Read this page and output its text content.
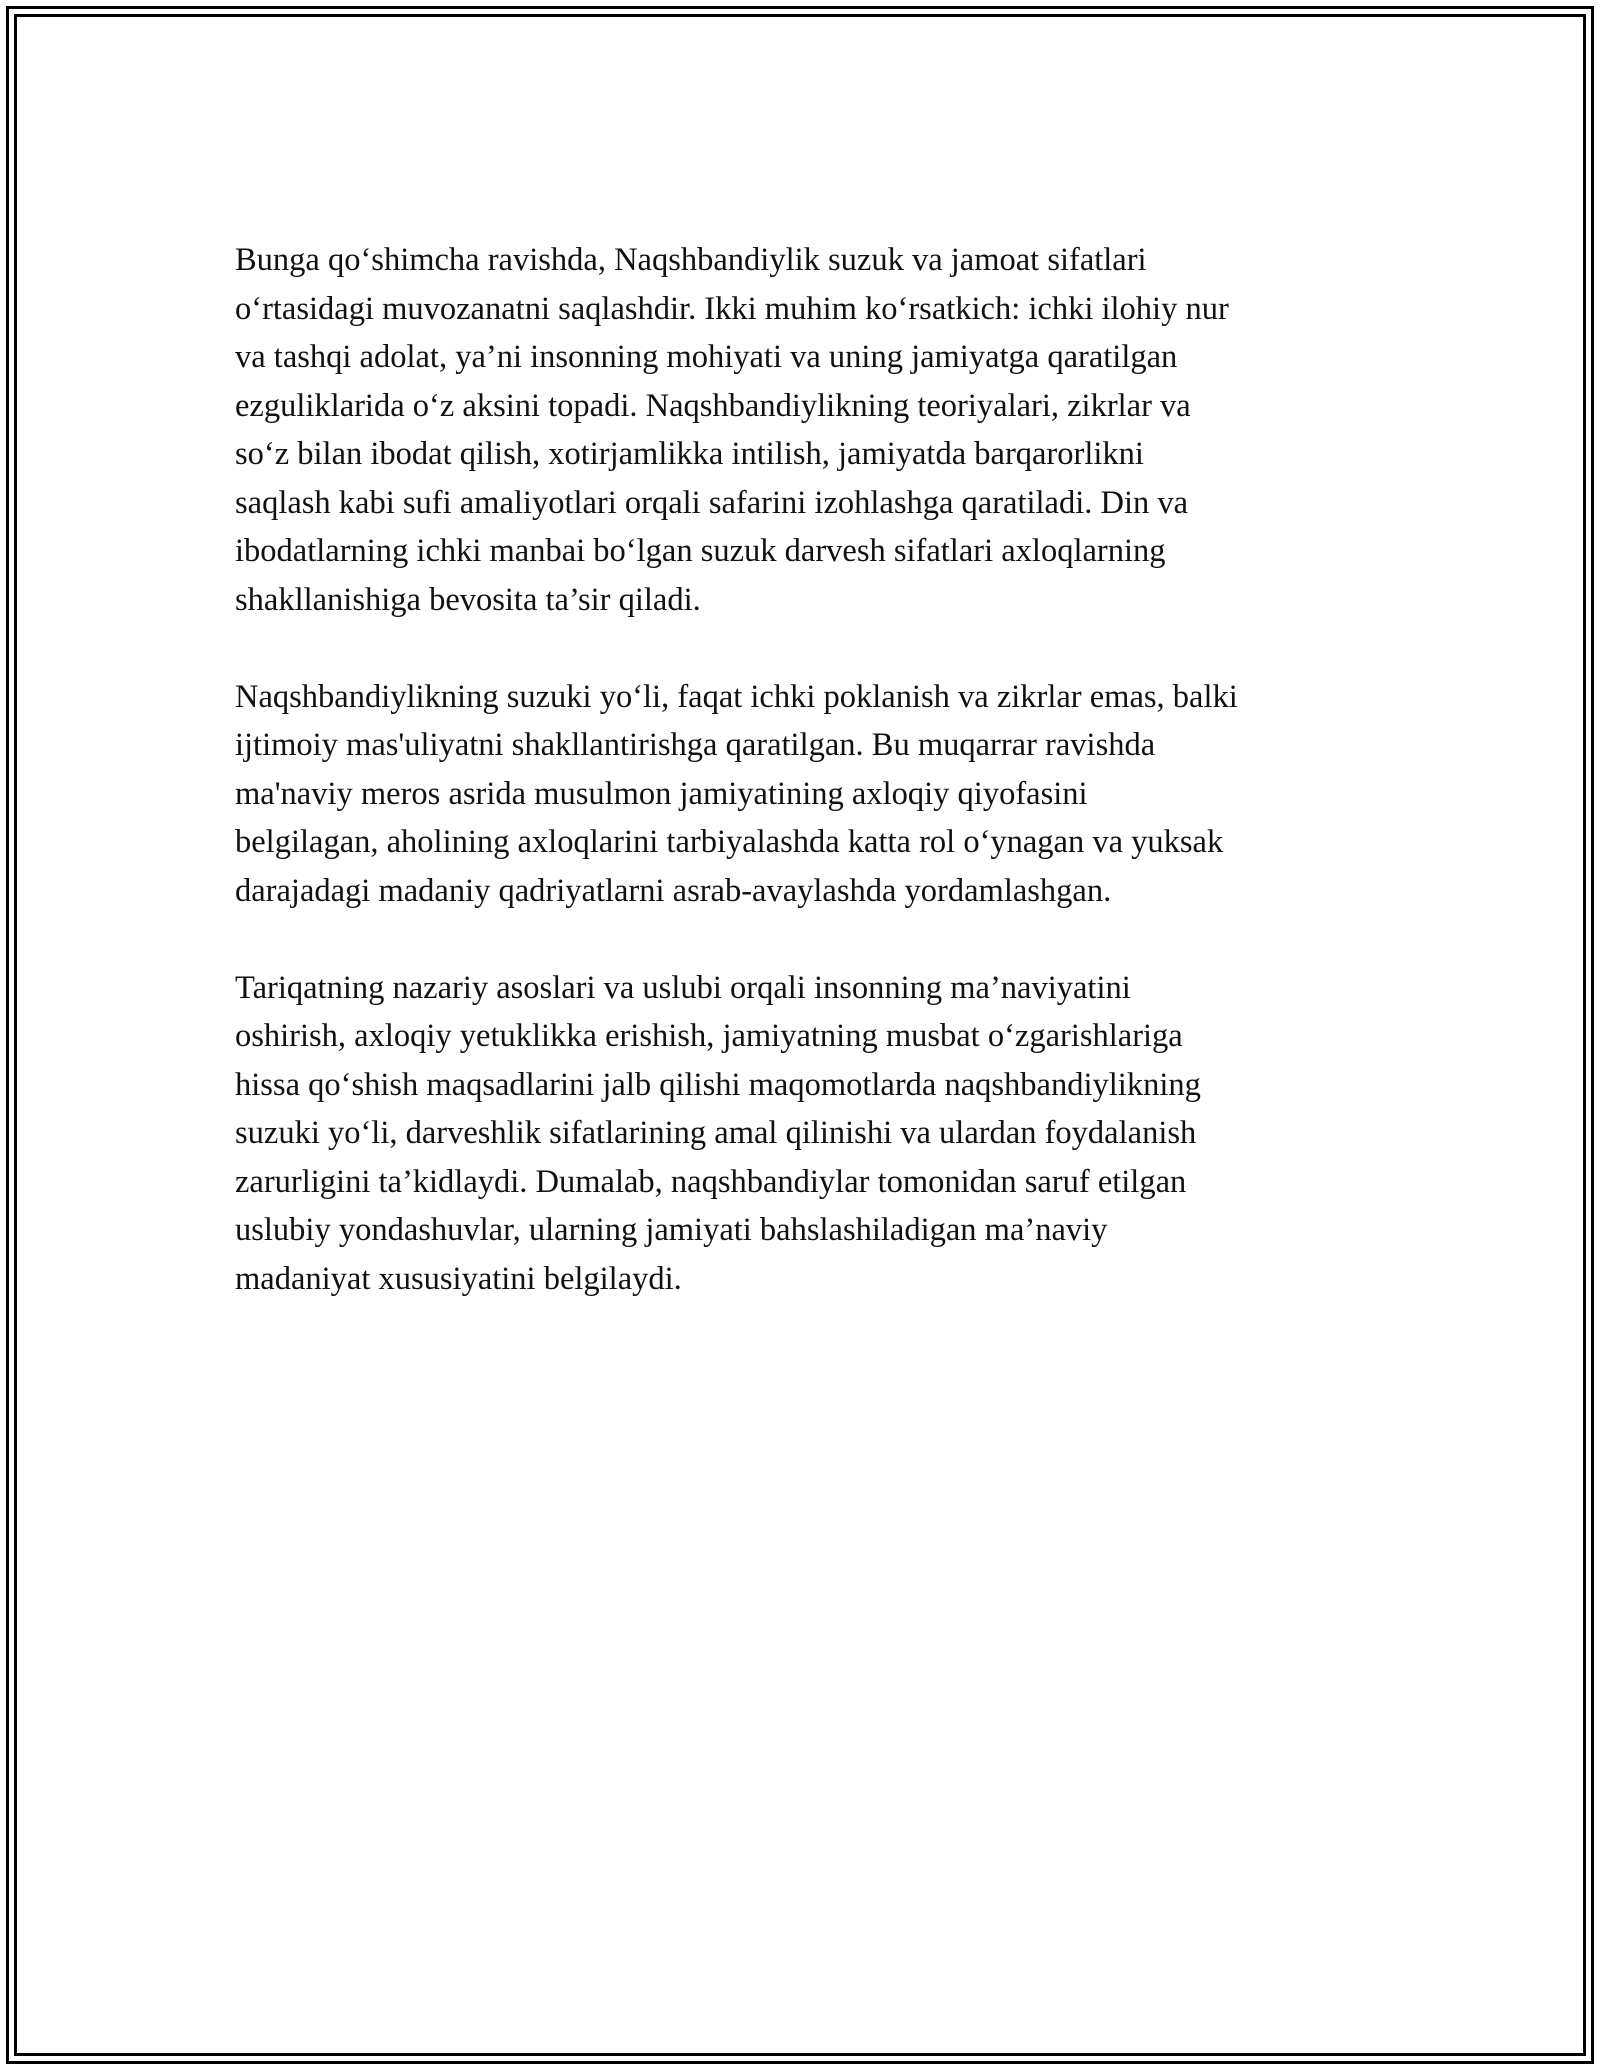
Bunga qo‘shimcha ravishda, Naqshbandiylik suzuk va jamoat sifatlari
o‘rtasidagi muvozanatni saqlashdir. Ikki muhim ko‘rsatkich: ichki ilohiy nur
va tashqi adolat, ya’ni insonning mohiyati va uning jamiyatga qaratilgan
ezguliklarida o‘z aksini topadi. Naqshbandiylikning teoriyalari, zikrlar va
so‘z bilan ibodat qilish, xotirjamlikka intilish, jamiyatda barqarorlikni
saqlash kabi sufi amaliyotlari orqali safarini izohlashga qaratiladi. Din va
ibodatlarning ichki manbai bo‘lgan suzuk darvesh sifatlari axloqlarning
shakllanishiga bevosita ta’sir qiladi.

Naqshbandiylikning suzuki yo‘li, faqat ichki poklanish va zikrlar emas, balki
ijtimoiy mas'uliyatni shakllantirishga qaratilgan. Bu muqarrar ravishda
ma'naviy meros asrida musulmon jamiyatining axloqiy qiyofasini
belgilagan, aholining axloqlarini tarbiyalashda katta rol o‘ynagan va yuksak
darajadagi madaniy qadriyatlarni asrab-avaylashda yordamlashgan.

Tariqatning nazariy asoslari va uslubi orqali insonning ma’naviyatini
oshirish, axloqiy yetuklikka erishish, jamiyatning musbat o‘zgarishlariga
hissa qo‘shish maqsadlarini jalb qilishi maqomotlarda naqshbandiylikning
suzuki yo‘li, darveshlik sifatlarining amal qilinishi va ulardan foydalanish
zarurligini ta’kidlaydi. Dumalab, naqshbandiylar tomonidan saruf etilgan
uslubiy yondashuvlar, ularning jamiyati bahslashiladigan ma’naviy
madaniyat xususiyatini belgilaydi.
